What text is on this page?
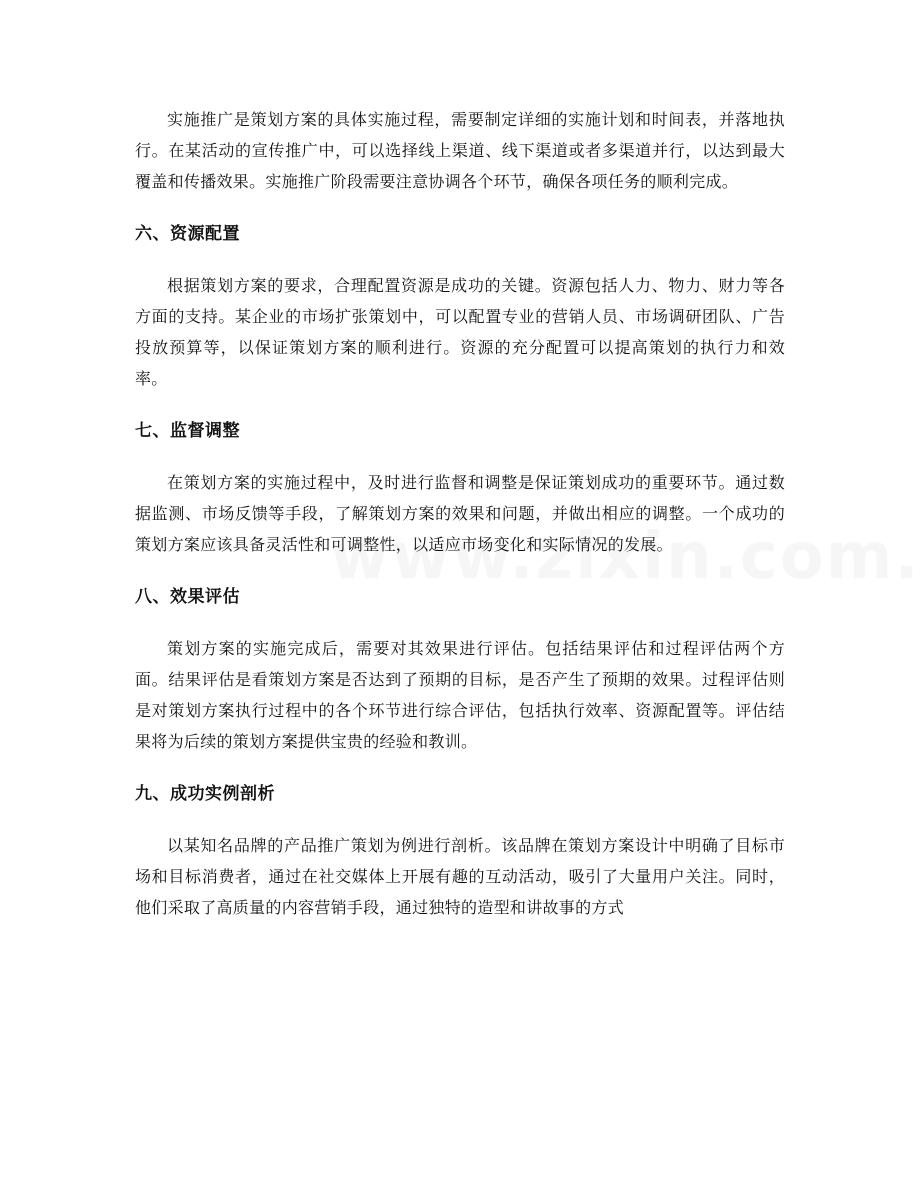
实施推广是策划方案的具体实施过程，需要制定详细的实施计划和时间表，并落地执行。在某活动的宣传推广中，可以选择线上渠道、线下渠道或者多渠道并行，以达到最大覆盖和传播效果。实施推广阶段需要注意协调各个环节，确保各项任务的顺利完成。

六、资源配置

根据策划方案的要求，合理配置资源是成功的关键。资源包括人力、物力、财力等各方面的支持。某企业的市场扩张策划中，可以配置专业的营销人员、市场调研团队、广告投放预算等，以保证策划方案的顺利进行。资源的充分配置可以提高策划的执行力和效率。

七、监督调整

在策划方案的实施过程中，及时进行监督和调整是保证策划成功的重要环节。通过数据监测、市场反馈等手段，了解策划方案的效果和问题，并做出相应的调整。一个成功的策划方案应该具备灵活性和可调整性，以适应市场变化和实际情况的发展。

八、效果评估

策划方案的实施完成后，需要对其效果进行评估。包括结果评估和过程评估两个方面。结果评估是看策划方案是否达到了预期的目标，是否产生了预期的效果。过程评估则是对策划方案执行过程中的各个环节进行综合评估，包括执行效率、资源配置等。评估结果将为后续的策划方案提供宝贵的经验和教训。

九、成功实例剖析

以某知名品牌的产品推广策划为例进行剖析。该品牌在策划方案设计中明确了目标市场和目标消费者，通过在社交媒体上开展有趣的互动活动，吸引了大量用户关注。同时，他们采取了高质量的内容营销手段，通过独特的造型和讲故事的方式
